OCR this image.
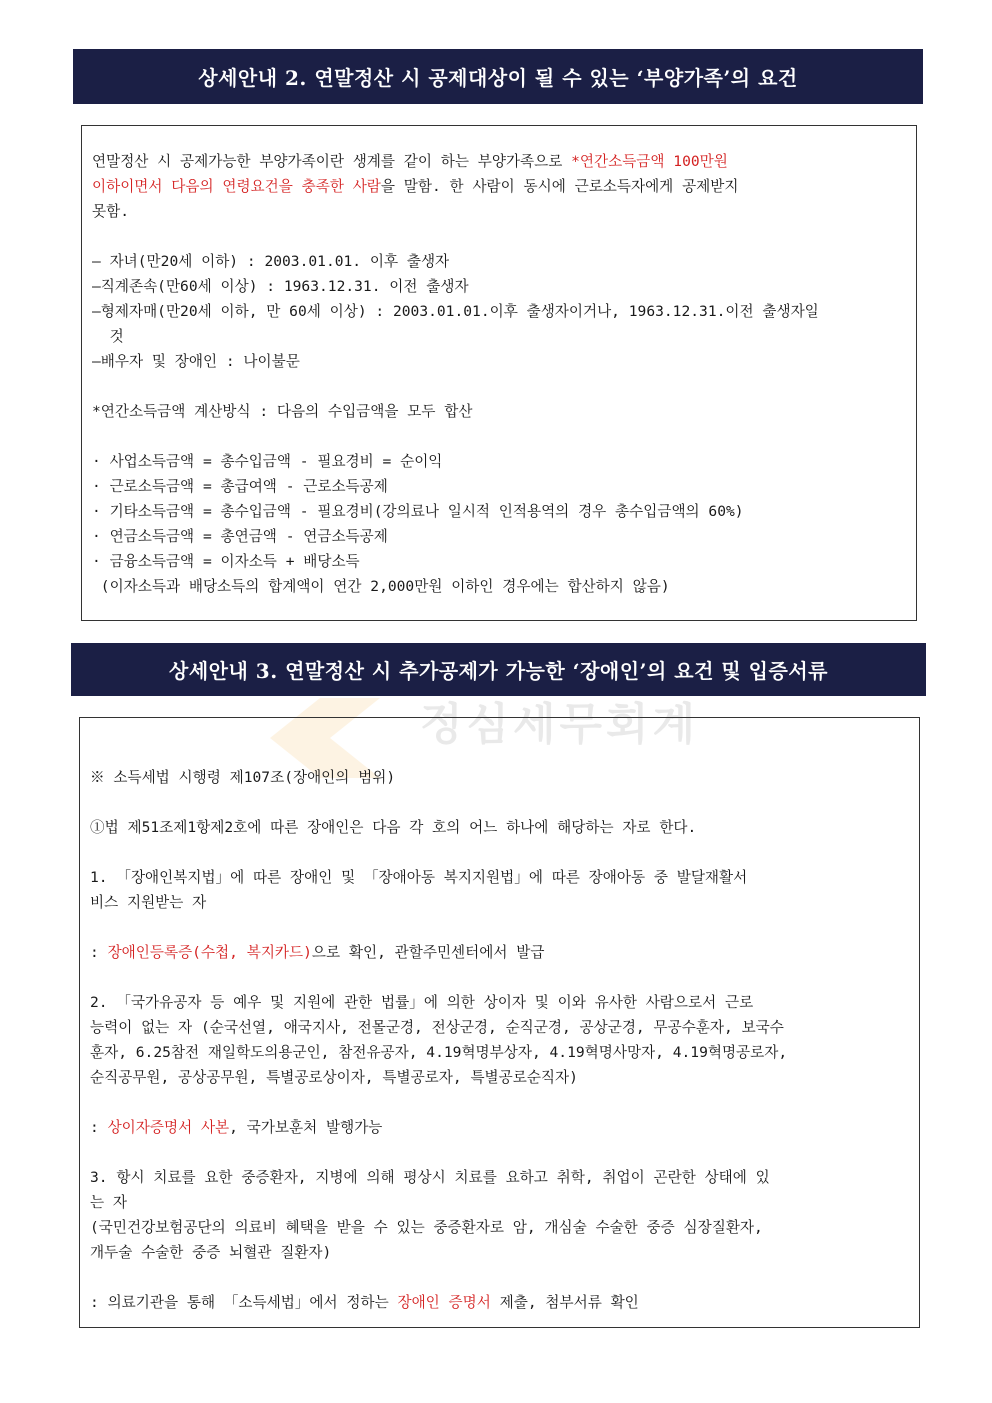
상세안내 2. 연말정산 시 공제대상이 될 수 있는 ‘부양가족’의 요건
연말정산 시 공제가능한 부양가족이란 생계를 같이 하는 부양가족으로 *연간소득금액 100만원
이하이면서 다음의 연령요건을 충족한 사람을 말함. 한 사람이 동시에 근로소득자에게 공제받지
못함.
– 자녀(만20세 이하) : 2003.01.01. 이후 출생자
–직계존속(만60세 이상) : 1963.12.31. 이전 출생자
–형제자매(만20세 이하, 만 60세 이상) : 2003.01.01.이후 출생자이거나, 1963.12.31.이전 출생자일
것
–배우자 및 장애인 : 나이불문
*연간소득금액 계산방식 : 다음의 수입금액을 모두 합산
· 사업소득금액 = 총수입금액 - 필요경비 = 순이익
· 근로소득금액 = 총급여액 - 근로소득공제
· 기타소득금액 = 총수입금액 - 필요경비(강의료나 일시적 인적용역의 경우 총수입금액의 60%)
· 연금소득금액 = 총연금액 - 연금소득공제
· 금융소득금액 = 이자소득 + 배당소득
(이자소득과 배당소득의 합계액이 연간 2,000만원 이하인 경우에는 합산하지 않음)
상세안내 3. 연말정산 시 추가공제가 가능한 ‘장애인’의 요건 및 입증서류
정심세무회계
※ 소득세법 시행령 제107조(장애인의 범위)
①법 제51조제1항제2호에 따른 장애인은 다음 각 호의 어느 하나에 해당하는 자로 한다.
1. 「장애인복지법」에 따른 장애인 및 「장애아동 복지지원법」에 따른 장애아동 중 발달재활서
비스 지원받는 자
: 장애인등록증(수첩, 복지카드)으로 확인, 관할주민센터에서 발급
2. 「국가유공자 등 예우 및 지원에 관한 법률」에 의한 상이자 및 이와 유사한 사람으로서 근로
능력이 없는 자 (순국선열, 애국지사, 전몰군경, 전상군경, 순직군경, 공상군경, 무공수훈자, 보국수
훈자, 6.25참전 재일학도의용군인, 참전유공자, 4.19혁명부상자, 4.19혁명사망자, 4.19혁명공로자,
순직공무원, 공상공무원, 특별공로상이자, 특별공로자, 특별공로순직자)
: 상이자증명서 사본, 국가보훈처 발행가능
3. 항시 치료를 요한 중증환자, 지병에 의해 평상시 치료를 요하고 취학, 취업이 곤란한 상태에 있
는 자
(국민건강보험공단의 의료비 혜택을 받을 수 있는 중증환자로 암, 개심술 수술한 중증 심장질환자,
개두술 수술한 중증 뇌혈관 질환자)
: 의료기관을 통해 「소득세법」에서 정하는 장애인 증명서 제출, 첨부서류 확인
